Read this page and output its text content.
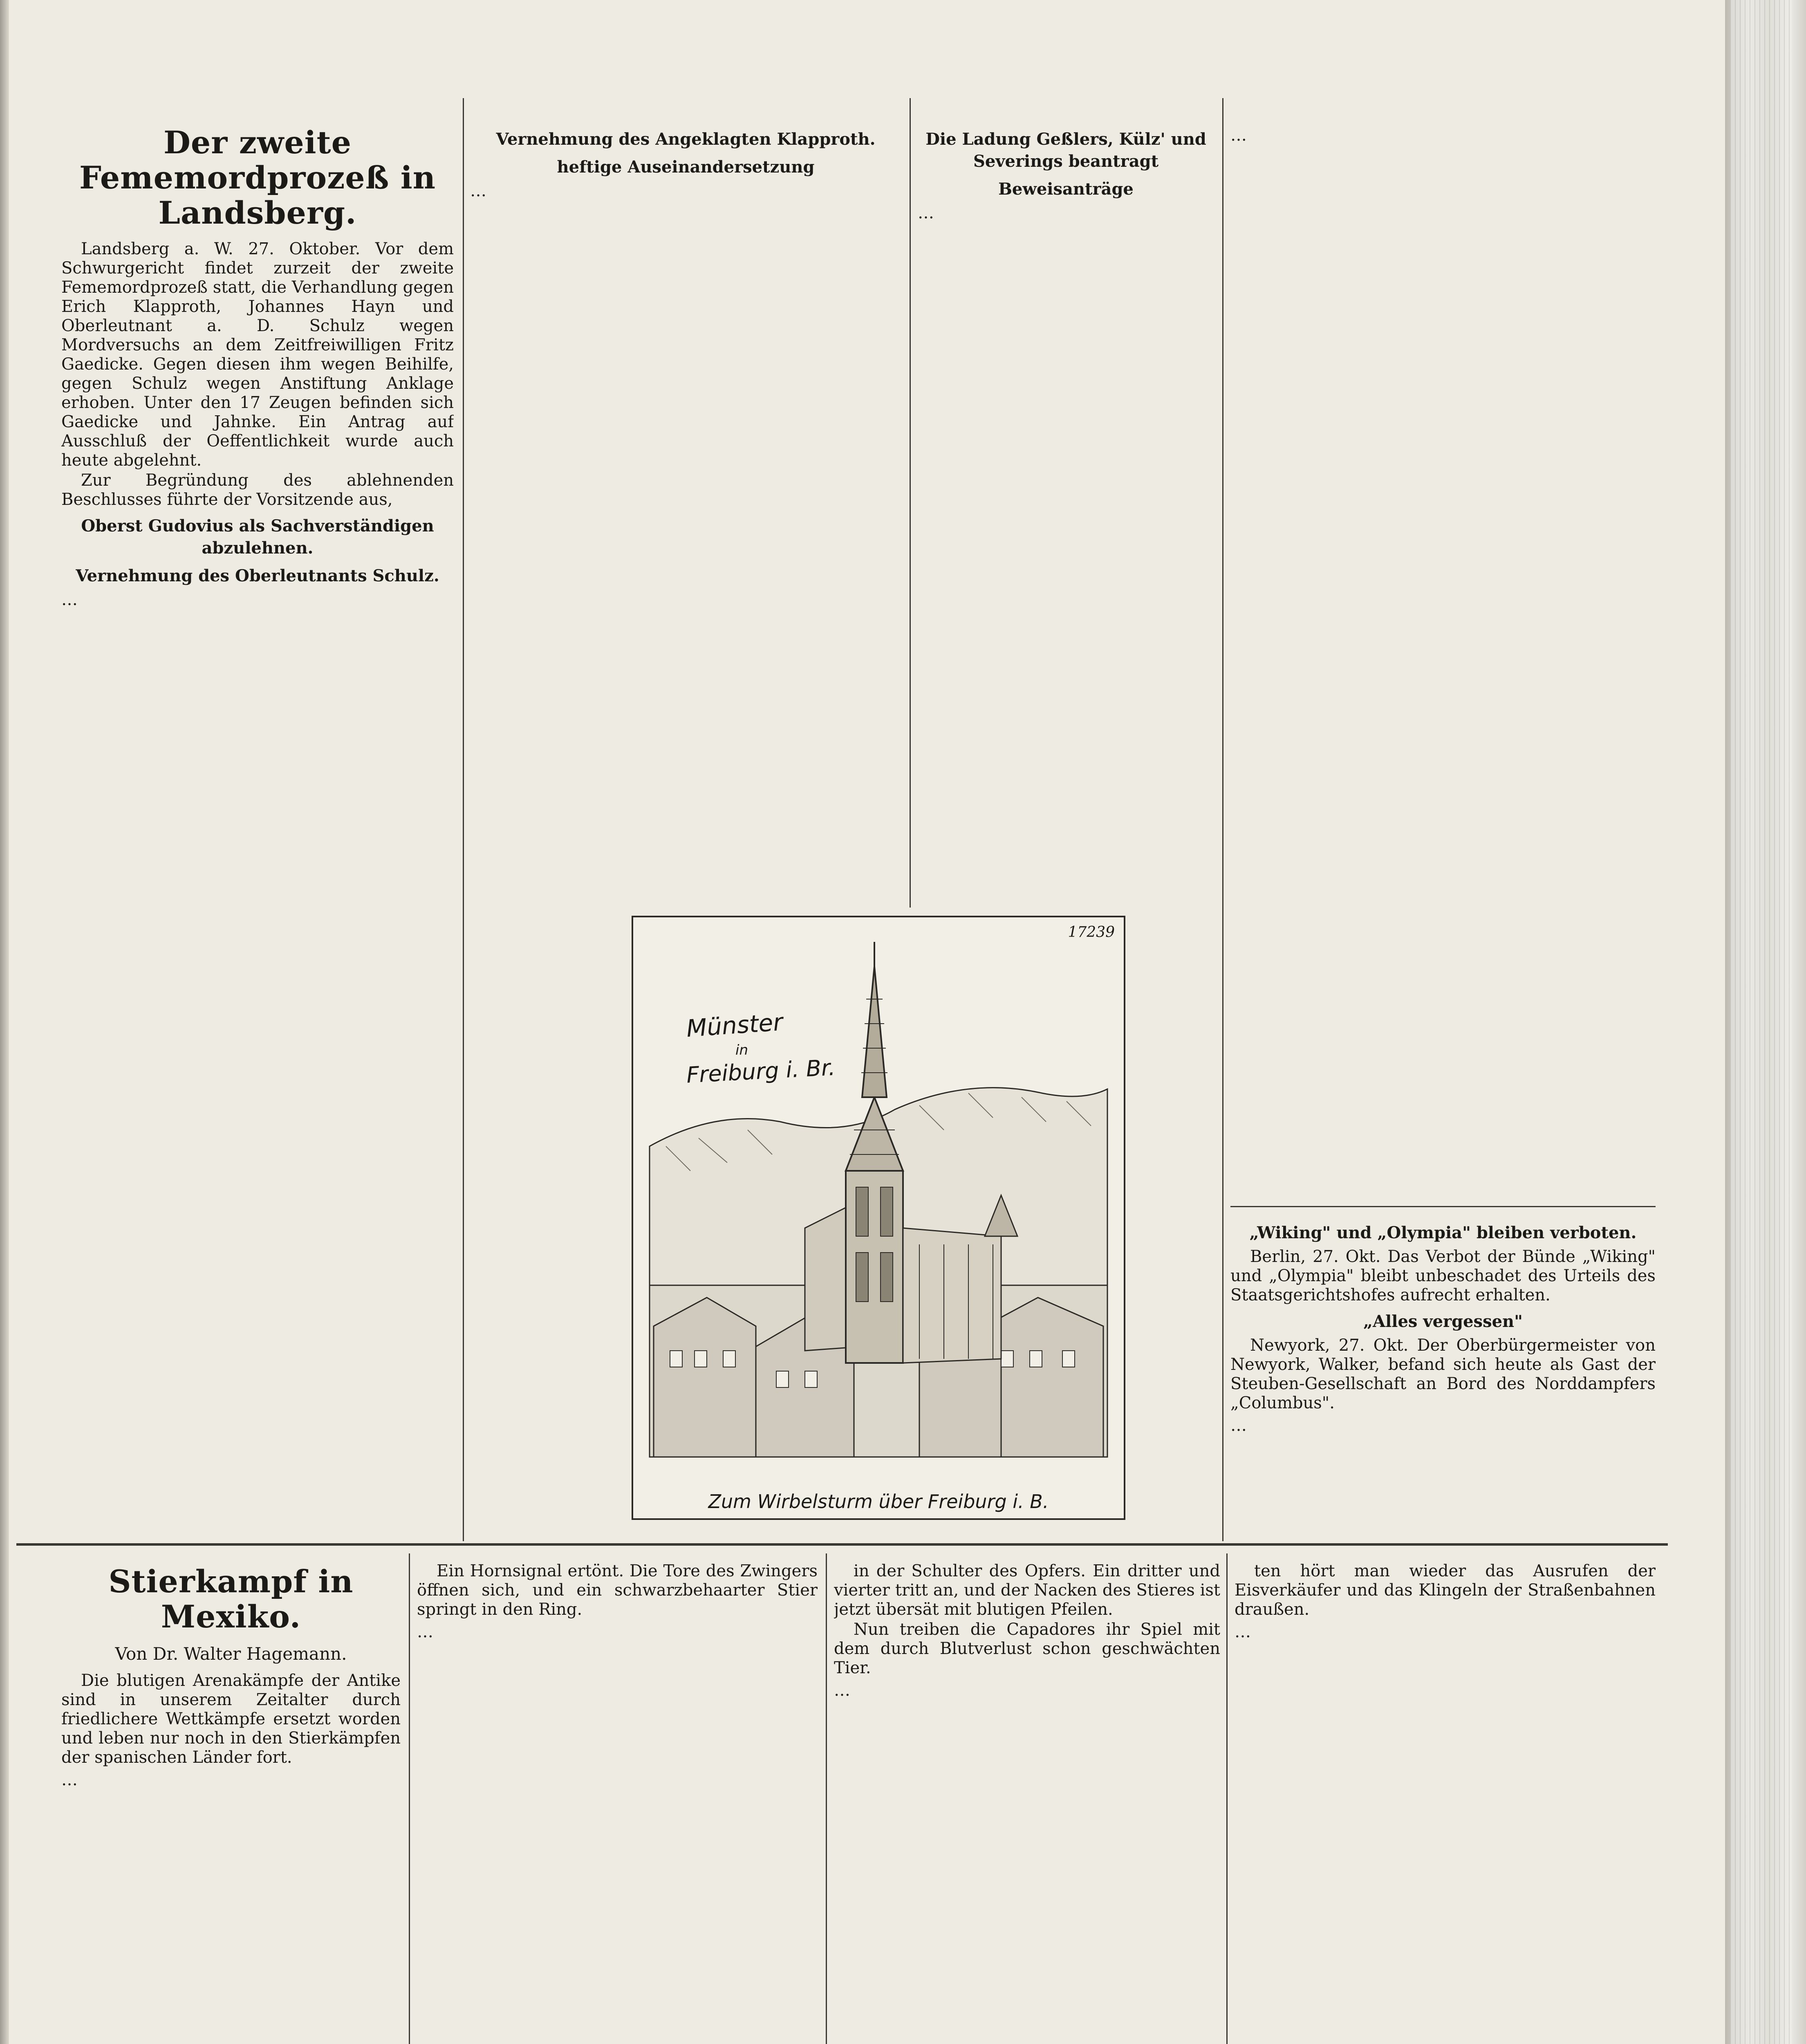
Der zweite Fememordprozeß in Landsberg.

Landsberg a. W. 27. Oktober. Vor dem Schwurgericht findet zurzeit der zweite Fememordprozeß statt, die Verhandlung gegen Erich Klapproth, Johannes Hayn und Oberleutnant a. D. Schulz wegen Mordversuchs an dem Zeitfreiwilligen Fritz Gaedicke. Gegen diesen ihm wegen Beihilfe, gegen Schulz wegen Anstiftung Anklage erhoben. Unter den 17 Zeugen befinden sich Gaedicke und Jahnke. Ein Antrag auf Ausschluß der Oeffentlichkeit wurde auch heute abgelehnt.

Zur Begründung des ablehnenden Beschlusses führte der Vorsitzende aus,

Oberst Gudovius als Sachverständigen abzulehnen.
Vernehmung des Oberleutnants Schulz.

…

Vernehmung des Angeklagten Klapproth.
heftige Auseinandersetzung

…

Die Ladung Geßlers, Külz' und Severings beantragt
Beweisanträge

…

17239
Münster
in
Freiburg i. Br.
Zum Wirbelsturm über Freiburg i. B.

…

„Wiking" und „Olympia" bleiben verboten.

Berlin, 27. Okt. Das Verbot der Bünde „Wiking" und „Olympia" bleibt unbeschadet des Urteils des Staatsgerichtshofes aufrecht erhalten.

„Alles vergessen"

Newyork, 27. Okt. Der Oberbürgermeister von Newyork, Walker, befand sich heute als Gast der Steuben-Gesellschaft an Bord des Norddampfers „Columbus".

…

Stierkampf in Mexiko.
Von Dr. Walter Hagemann.

Die blutigen Arenakämpfe der Antike sind in unserem Zeitalter durch friedlichere Wettkämpfe ersetzt worden und leben nur noch in den Stierkämpfen der spanischen Länder fort.

…

Ein Hornsignal ertönt. Die Tore des Zwingers öffnen sich, und ein schwarzbehaarter Stier springt in den Ring.

…

in der Schulter des Opfers. Ein dritter und vierter tritt an, und der Nacken des Stieres ist jetzt übersät mit blutigen Pfeilen.

Nun treiben die Capadores ihr Spiel mit dem durch Blutverlust schon geschwächten Tier.

…

ten hört man wieder das Ausrufen der Eisverkäufer und das Klingeln der Straßenbahnen draußen.

…
